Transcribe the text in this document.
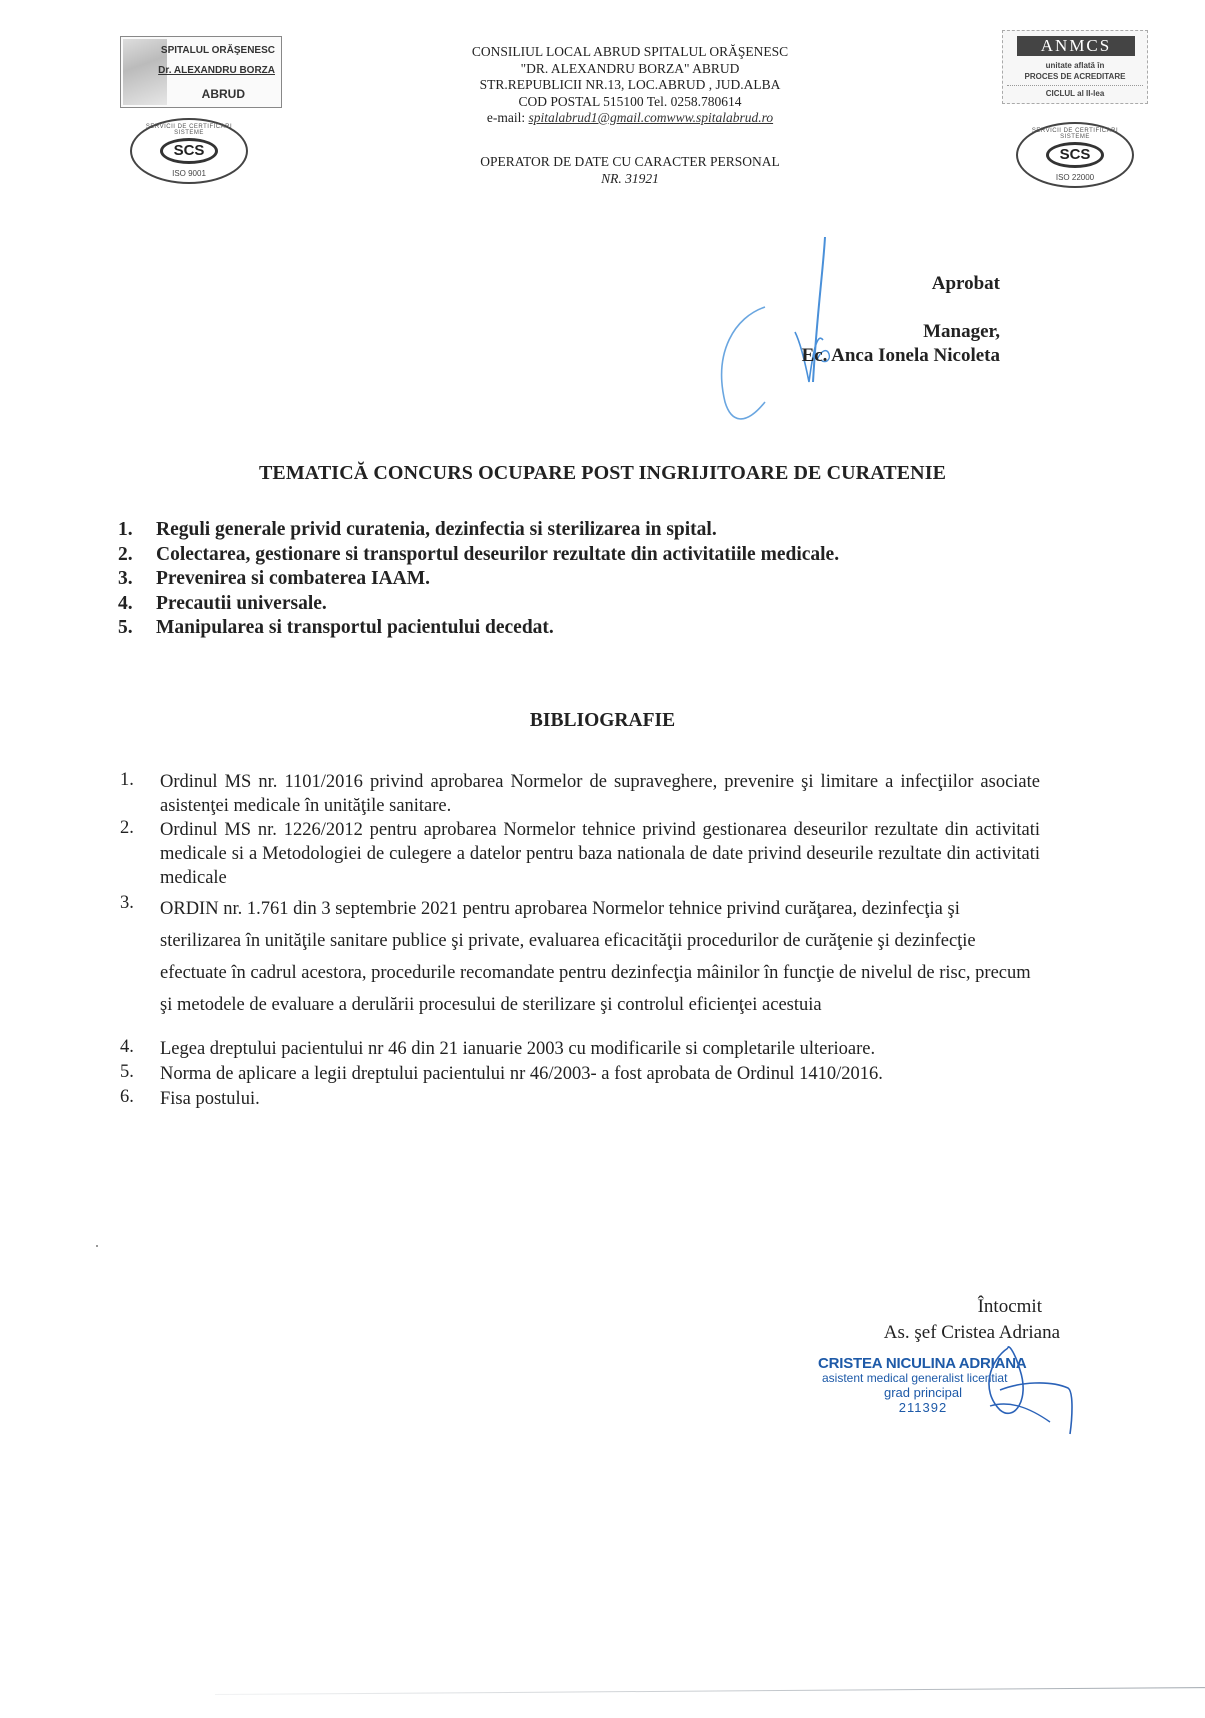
SPITALUL ORĂŞENESC
Dr. ALEXANDRU BORZA
ABRUD
SERVICII DE CERTIFICARI SISTEME
SCS
ISO 9001
CONSILIUL LOCAL ABRUD SPITALUL ORĂŞENESC
"DR. ALEXANDRU BORZA" ABRUD
STR.REPUBLICII NR.13, LOC.ABRUD , JUD.ALBA
COD POSTAL 515100 Tel. 0258.780614
e-mail: spitalabrud1@gmail.comwww.spitalabrud.ro
OPERATOR DE DATE CU CARACTER PERSONAL
NR. 31921
ANMCS
unitate aflată în
PROCES DE ACREDITARE
CICLUL al II-lea
SERVICII DE CERTIFICARI SISTEME
SCS
ISO 22000
Aprobat
Manager,
Ec. Anca Ionela Nicoleta
TEMATICĂ CONCURS OCUPARE POST INGRIJITOARE DE CURATENIE
1.	Reguli generale privid curatenia, dezinfectia si sterilizarea in spital.
2.	Colectarea, gestionare si transportul deseurilor rezultate din activitatiile medicale.
3.	Prevenirea si combaterea IAAM.
4.	Precautii universale.
5.	Manipularea si transportul pacientului decedat.
BIBLIOGRAFIE
1.	Ordinul MS nr. 1101/2016 privind aprobarea Normelor de supraveghere, prevenire şi limitare a infecţiilor asociate asistenţei medicale în unităţile sanitare.
2.	Ordinul MS nr. 1226/2012 pentru aprobarea Normelor tehnice privind gestionarea deseurilor rezultate din activitati medicale si a Metodologiei de culegere a datelor pentru baza nationala de date privind deseurile rezultate din activitati medicale
3.	ORDIN nr. 1.761 din 3 septembrie 2021 pentru aprobarea Normelor tehnice privind curăţarea, dezinfecţia şi sterilizarea în unităţile sanitare publice şi private, evaluarea eficacităţii procedurilor de curăţenie şi dezinfecţie efectuate în cadrul acestora, procedurile recomandate pentru dezinfecţia mâinilor în funcţie de nivelul de risc, precum şi metodele de evaluare a derulării procesului de sterilizare şi controlul eficienţei acestuia
4.	Legea dreptului pacientului nr 46 din 21 ianuarie 2003 cu modificarile si completarile ulterioare.
5.	Norma de aplicare a legii dreptului pacientului nr 46/2003- a fost aprobata de Ordinul 1410/2016.
6.	Fisa postului.
Întocmit
As. şef Cristea Adriana
CRISTEA NICULINA ADRIANA
asistent medical generalist licentiat
grad principal
211392
